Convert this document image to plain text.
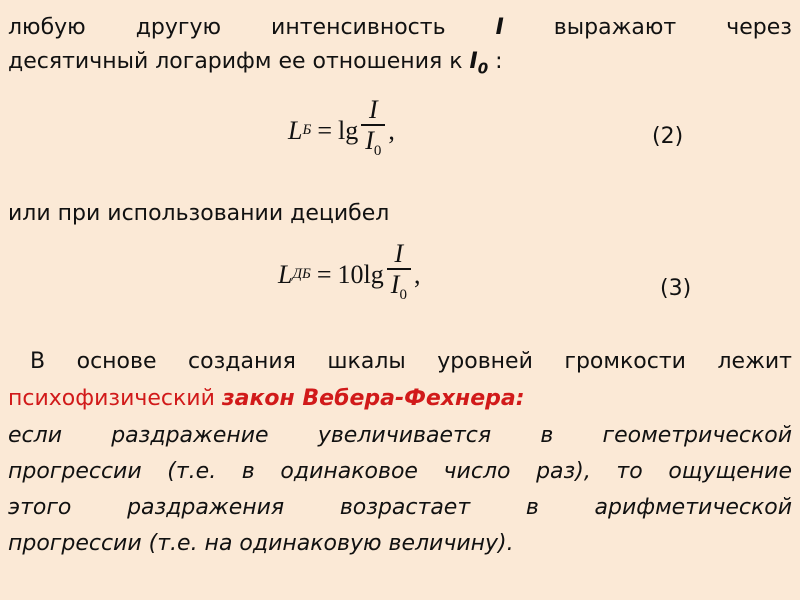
любую другую интенсивность I выражают через
десятичный логарифм ее отношения к $I_0$ :
L $Б = \lg \frac{I}{I_0}$ ,	(2)
или при использовании децибел
L ДБ = $10\lg \frac{I}{I_0}$ ,	(3)
В основе создания шкалы уровней громкости лежит
психофизический закон Вебера-Фехнера:
если раздражение увеличивается в геометрической
прогрессии (т.е. в одинаковое число раз), то ощущение
этого раздражения возрастает в арифметической
прогрессии (т.е. на одинаковую величину).
